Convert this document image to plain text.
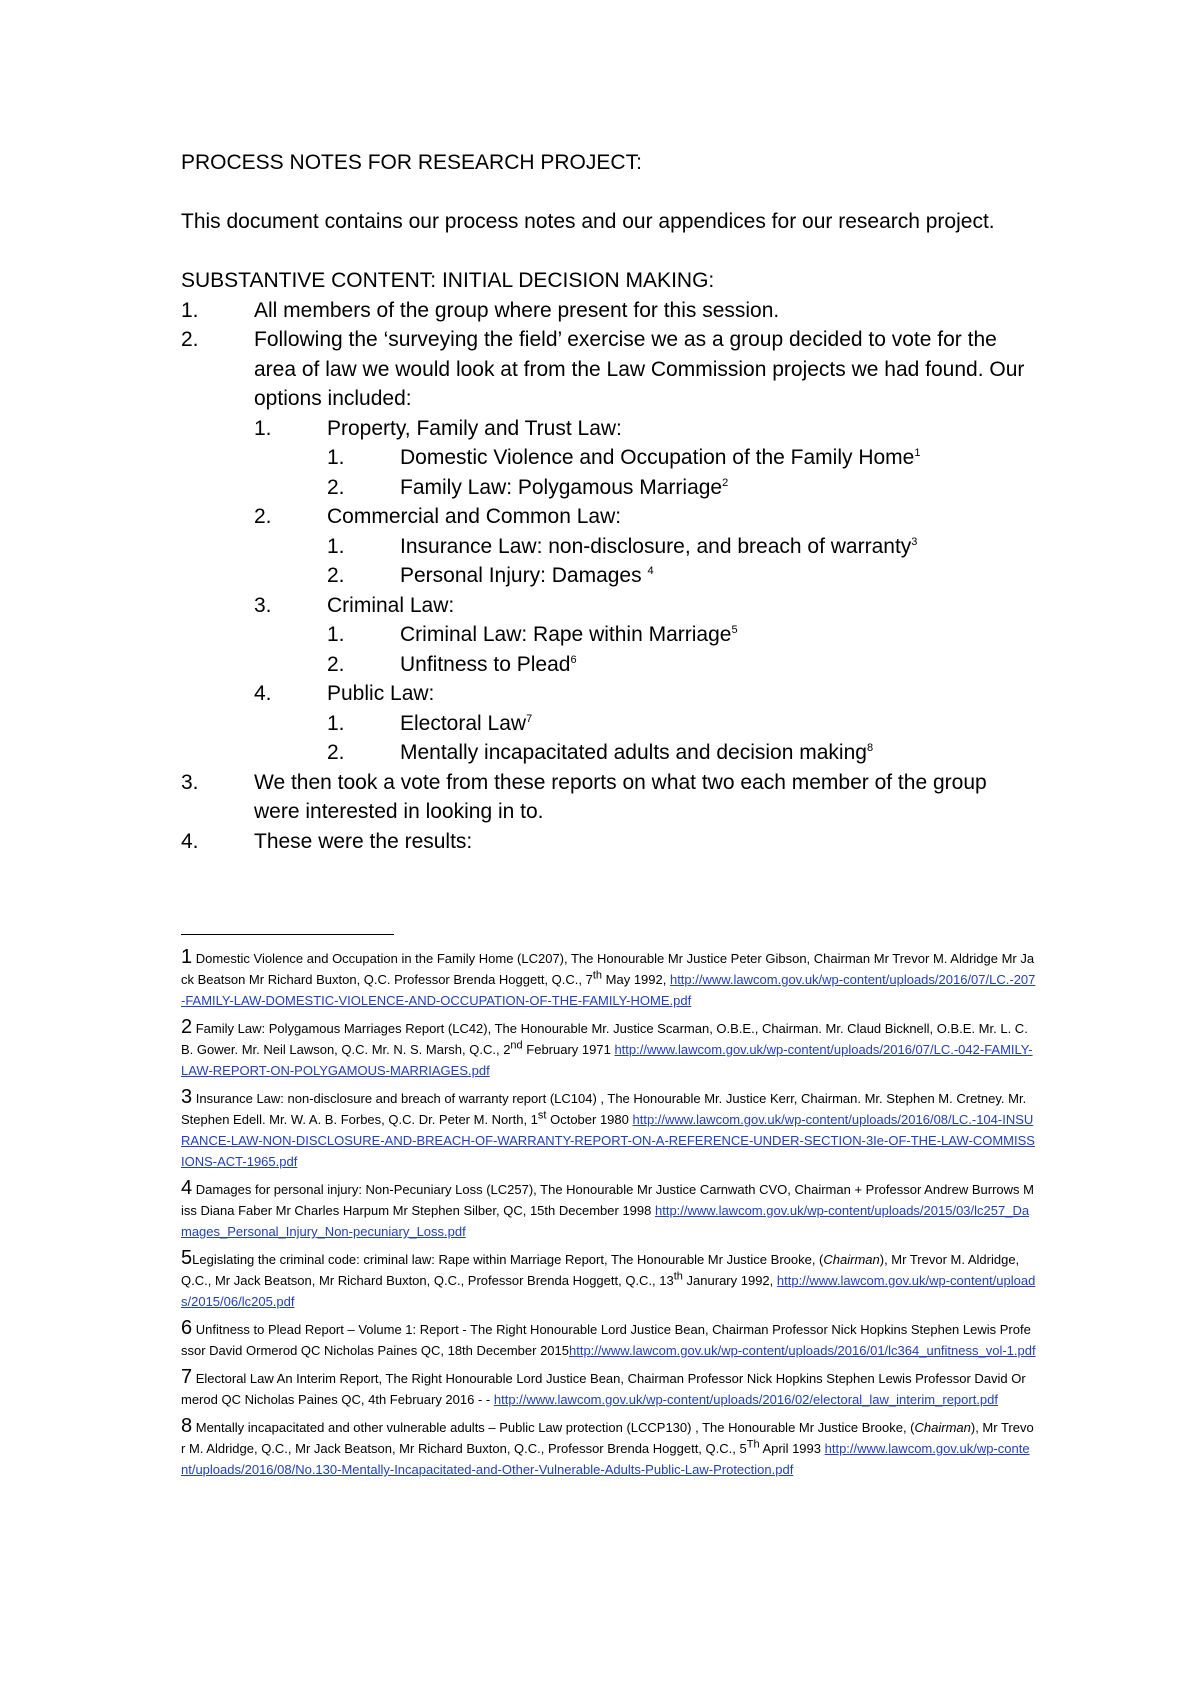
PROCESS NOTES FOR RESEARCH PROJECT:

This document contains our process notes and our appendices for our research project.

SUBSTANTIVE CONTENT: INITIAL DECISION MAKING:

1.	All members of the group where present for this session.
2.	Following the ‘surveying the field’ exercise we as a group decided to vote for the area of law we would look at from the Law Commission projects we had found. Our options included:
1.	Property, Family and Trust Law:
1.	Domestic Violence and Occupation of the Family Home$^1$
2.	Family Law: Polygamous Marriage$^2$
2.	Commercial and Common Law:
1.	Insurance Law: non-disclosure, and breach of warranty$^3$
2.	Personal Injury: Damages $^4$
3.	Criminal Law:
1.	Criminal Law: Rape within Marriage$^5$
2.	Unfitness to Plead$^6$
4.	Public Law:
1.	Electoral Law$^7$
2.	Mentally incapacitated adults and decision making$^8$
3.	We then took a vote from these reports on what two each member of the group were interested in looking in to.
4.	These were the results:

1 Domestic Violence and Occupation in the Family Home (LC207), The Honourable Mr Justice Peter Gibson, Chairman Mr Trevor M. Aldridge Mr Jack Beatson Mr Richard Buxton, Q.C. Professor Brenda Hoggett, Q.C., 7th May 1992, http://www.lawcom.gov.uk/wp-content/uploads/2016/07/LC.-207-FAMILY-LAW-DOMESTIC-VIOLENCE-AND-OCCUPATION-OF-THE-FAMILY-HOME.pdf

2 Family Law: Polygamous Marriages Report (LC42), The Honourable Mr. Justice Scarman, O.B.E., Chairman. Mr. Claud Bicknell, O.B.E. Mr. L. C. B. Gower. Mr. Neil Lawson, Q.C. Mr. N. S. Marsh, Q.C., 2nd February 1971 http://www.lawcom.gov.uk/wp-content/uploads/2016/07/LC.-042-FAMILY-LAW-REPORT-ON-POLYGAMOUS-MARRIAGES.pdf

3 Insurance Law: non-disclosure and breach of warranty report (LC104) , The Honourable Mr. Justice Kerr, Chairman. Mr. Stephen M. Cretney. Mr. Stephen Edell. Mr. W. A. B. Forbes, Q.C. Dr. Peter M. North, 1st October 1980 http://www.lawcom.gov.uk/wp-content/uploads/2016/08/LC.-104-INSURANCE-LAW-NON-DISCLOSURE-AND-BREACH-OF-WARRANTY-REPORT-ON-A-REFERENCE-UNDER-SECTION-3Ie-OF-THE-LAW-COMMISSIONS-ACT-1965.pdf

4 Damages for personal injury: Non-Pecuniary Loss (LC257), The Honourable Mr Justice Carnwath CVO, Chairman + Professor Andrew Burrows Miss Diana Faber Mr Charles Harpum Mr Stephen Silber, QC, 15th December 1998 http://www.lawcom.gov.uk/wp-content/uploads/2015/03/lc257_Damages_Personal_Injury_Non-pecuniary_Loss.pdf

5Legislating the criminal code: criminal law: Rape within Marriage Report, The Honourable Mr Justice Brooke, (Chairman), Mr Trevor M. Aldridge, Q.C., Mr Jack Beatson, Mr Richard Buxton, Q.C., Professor Brenda Hoggett, Q.C., 13th Janurary 1992, http://www.lawcom.gov.uk/wp-content/uploads/2015/06/lc205.pdf

6 Unfitness to Plead Report – Volume 1: Report - The Right Honourable Lord Justice Bean, Chairman Professor Nick Hopkins Stephen Lewis Professor David Ormerod QC Nicholas Paines QC, 18th December 2015http://www.lawcom.gov.uk/wp-content/uploads/2016/01/lc364_unfitness_vol-1.pdf

7 Electoral Law An Interim Report, The Right Honourable Lord Justice Bean, Chairman Professor Nick Hopkins Stephen Lewis Professor David Ormerod QC Nicholas Paines QC, 4th February 2016 - - http://www.lawcom.gov.uk/wp-content/uploads/2016/02/electoral_law_interim_report.pdf

8 Mentally incapacitated and other vulnerable adults – Public Law protection (LCCP130) , The Honourable Mr Justice Brooke, (Chairman), Mr Trevor M. Aldridge, Q.C., Mr Jack Beatson, Mr Richard Buxton, Q.C., Professor Brenda Hoggett, Q.C., 5Th April 1993 http://www.lawcom.gov.uk/wp-content/uploads/2016/08/No.130-Mentally-Incapacitated-and-Other-Vulnerable-Adults-Public-Law-Protection.pdf
